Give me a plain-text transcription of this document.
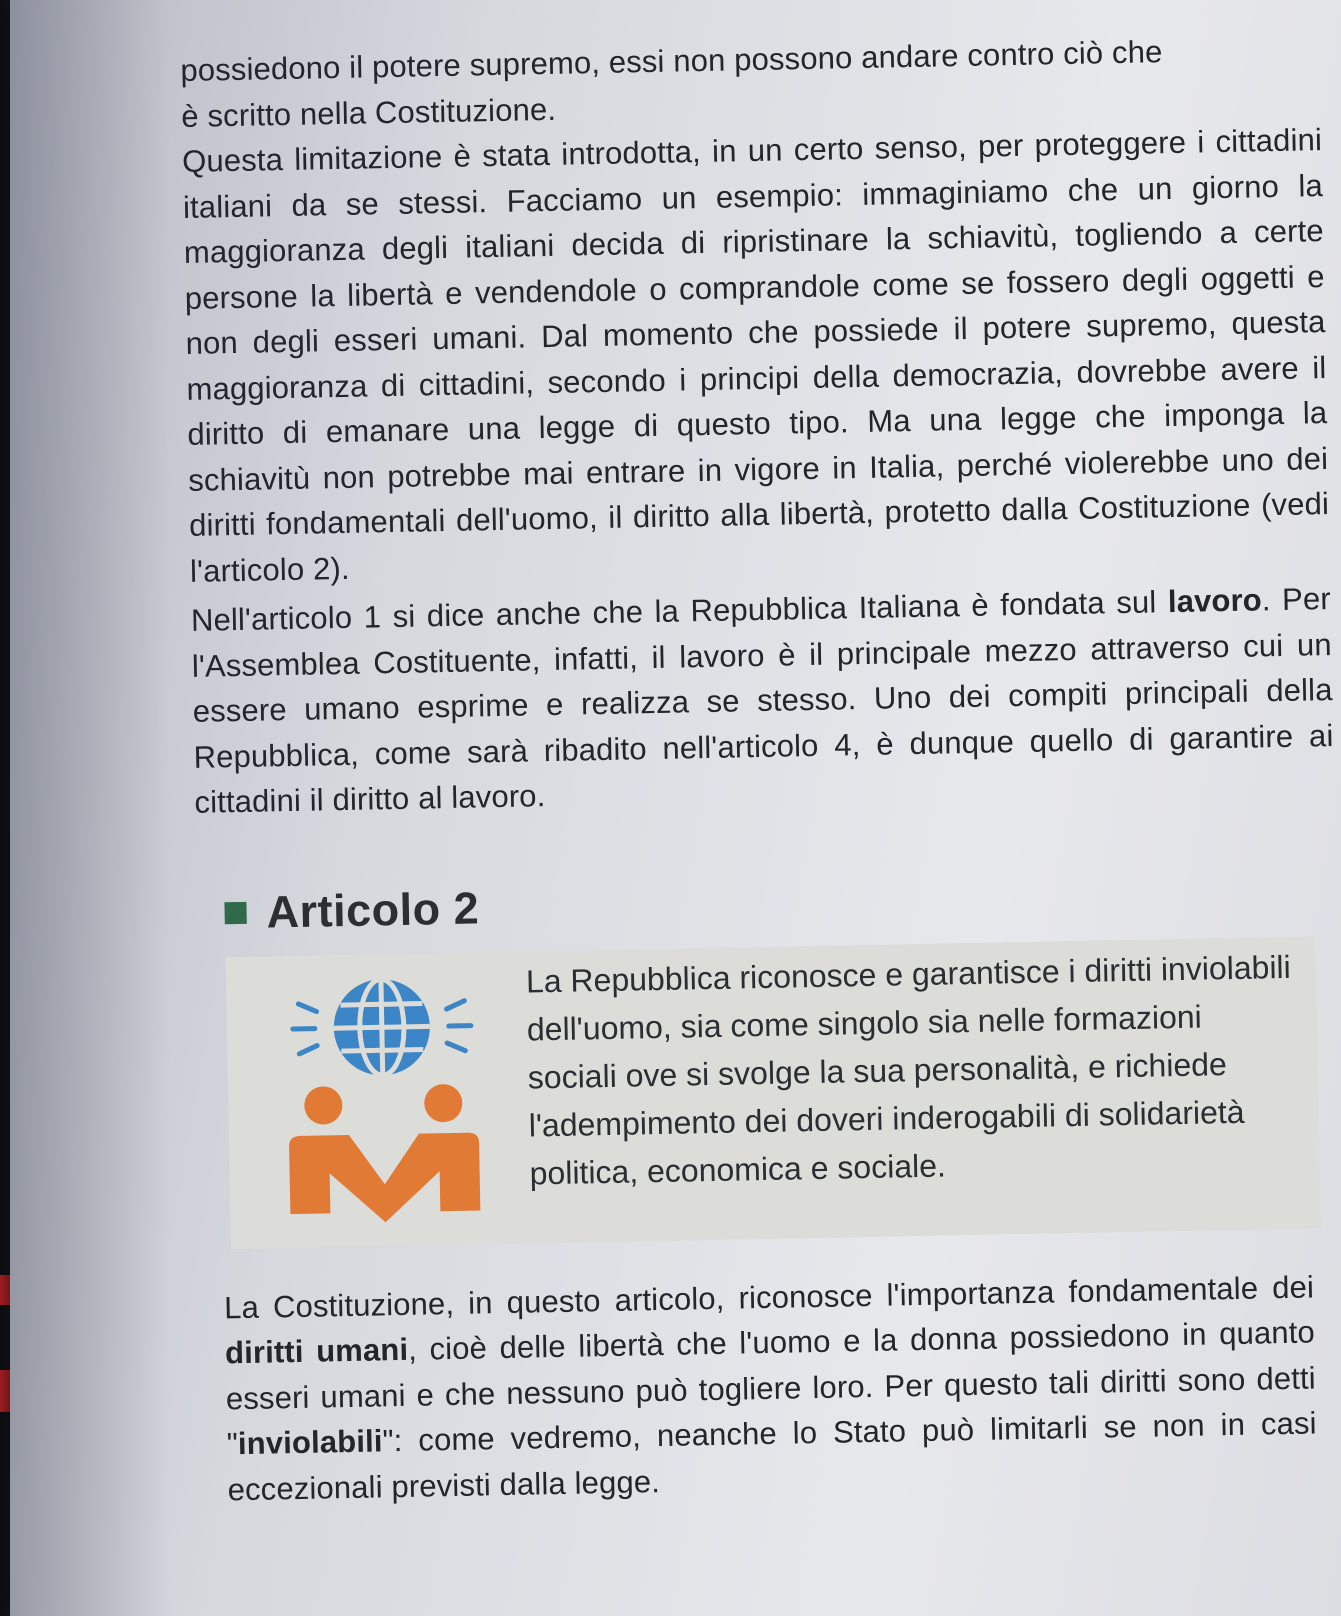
possiedono il potere supremo, essi non possono andare contro ciò che
è scritto nella Costituzione.

Questa limitazione è stata introdotta, in un certo senso, per proteggere i cittadini italiani da se stessi. Facciamo un esempio: immaginiamo che un giorno la maggioranza degli italiani decida di ripristinare la schiavitù, togliendo a certe persone la libertà e vendendole o comprandole come se fossero degli oggetti e non degli esseri umani. Dal momento che possiede il potere supremo, questa maggioranza di cittadini, secondo i principi della democrazia, dovrebbe avere il diritto di emanare una legge di questo tipo. Ma una legge che imponga la schiavitù non potrebbe mai entrare in vigore in Italia, perché violerebbe uno dei diritti fondamentali dell'uomo, il diritto alla libertà, protetto dalla Costituzione (vedi l'articolo 2).

Nell'articolo 1 si dice anche che la Repubblica Italiana è fondata sul lavoro. Per l'Assemblea Costituente, infatti, il lavoro è il principale mezzo attraverso cui un essere umano esprime e realizza se stesso. Uno dei compiti principali della Repubblica, come sarà ribadito nell'articolo 4, è dunque quello di garantire ai cittadini il diritto al lavoro.

Articolo 2

La Repubblica riconosce e garantisce i diritti inviolabili dell'uomo, sia come singolo sia nelle formazioni sociali ove si svolge la sua personalità, e richiede l'adempimento dei doveri inderogabili di solidarietà politica, economica e sociale.

La Costituzione, in questo articolo, riconosce l'importanza fondamentale dei diritti umani, cioè delle libertà che l'uomo e la donna possiedono in quanto esseri umani e che nessuno può togliere loro. Per questo tali diritti sono detti "inviolabili": come vedremo, neanche lo Stato può limitarli se non in casi eccezionali previsti dalla legge.
